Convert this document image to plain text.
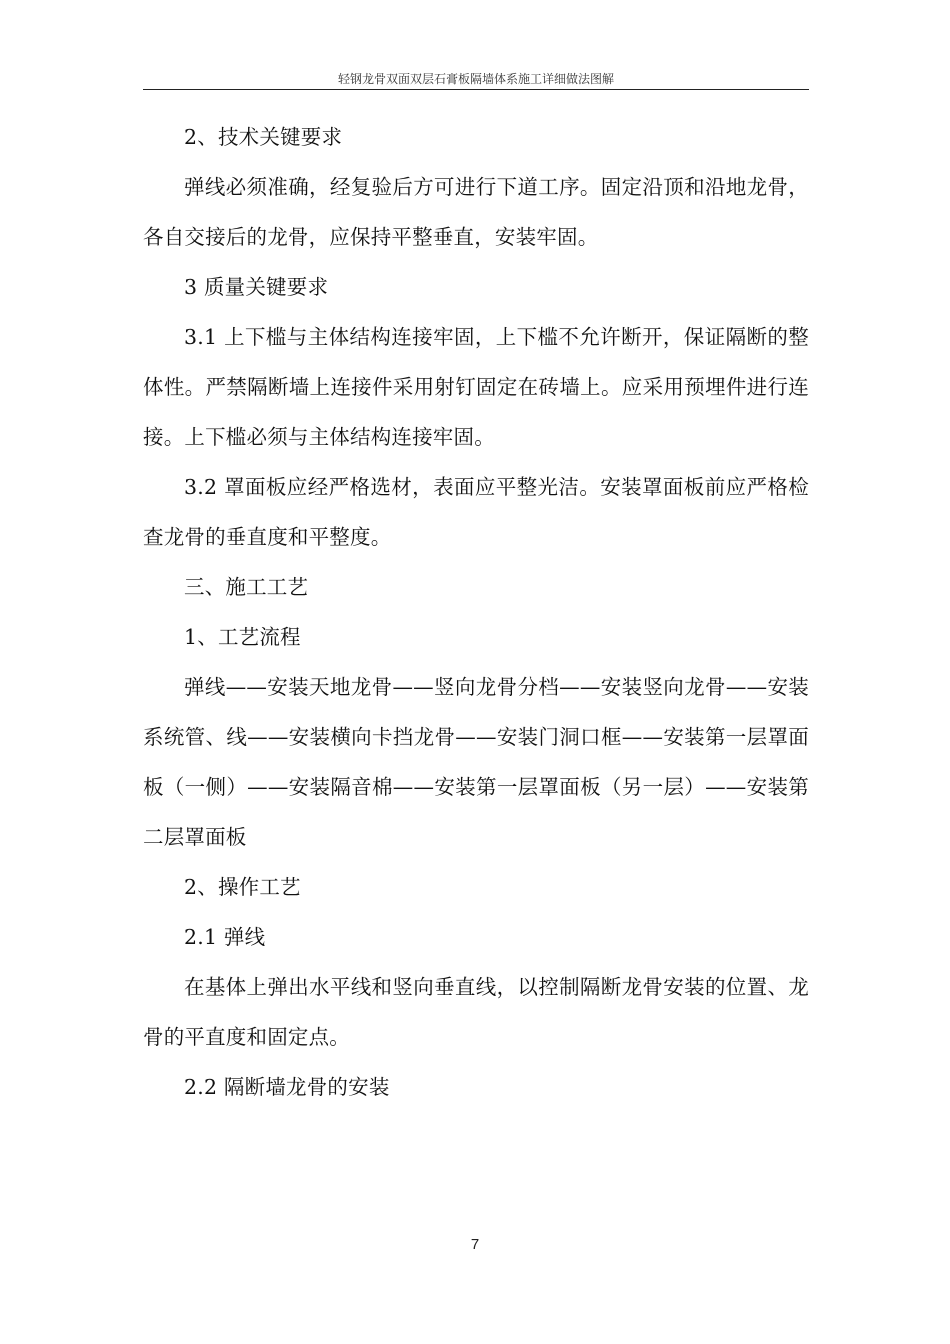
轻钢龙骨双面双层石膏板隔墙体系施工详细做法图解

2、技术关键要求

弹线必须准确，经复验后方可进行下道工序。固定沿顶和沿地龙骨，各自交接后的龙骨，应保持平整垂直，安装牢固。

3 质量关键要求

3.1 上下槛与主体结构连接牢固，上下槛不允许断开，保证隔断的整体性。严禁隔断墙上连接件采用射钉固定在砖墙上。应采用预埋件进行连接。上下槛必须与主体结构连接牢固。

3.2 罩面板应经严格选材，表面应平整光洁。安装罩面板前应严格检查龙骨的垂直度和平整度。

三、施工工艺

1、工艺流程

弹线——安装天地龙骨——竖向龙骨分档——安装竖向龙骨——安装系统管、线——安装横向卡挡龙骨——安装门洞口框——安装第一层罩面板（一侧）——安装隔音棉——安装第一层罩面板（另一层）——安装第二层罩面板

2、操作工艺

2.1 弹线

在基体上弹出水平线和竖向垂直线，以控制隔断龙骨安装的位置、龙骨的平直度和固定点。

2.2 隔断墙龙骨的安装

7
